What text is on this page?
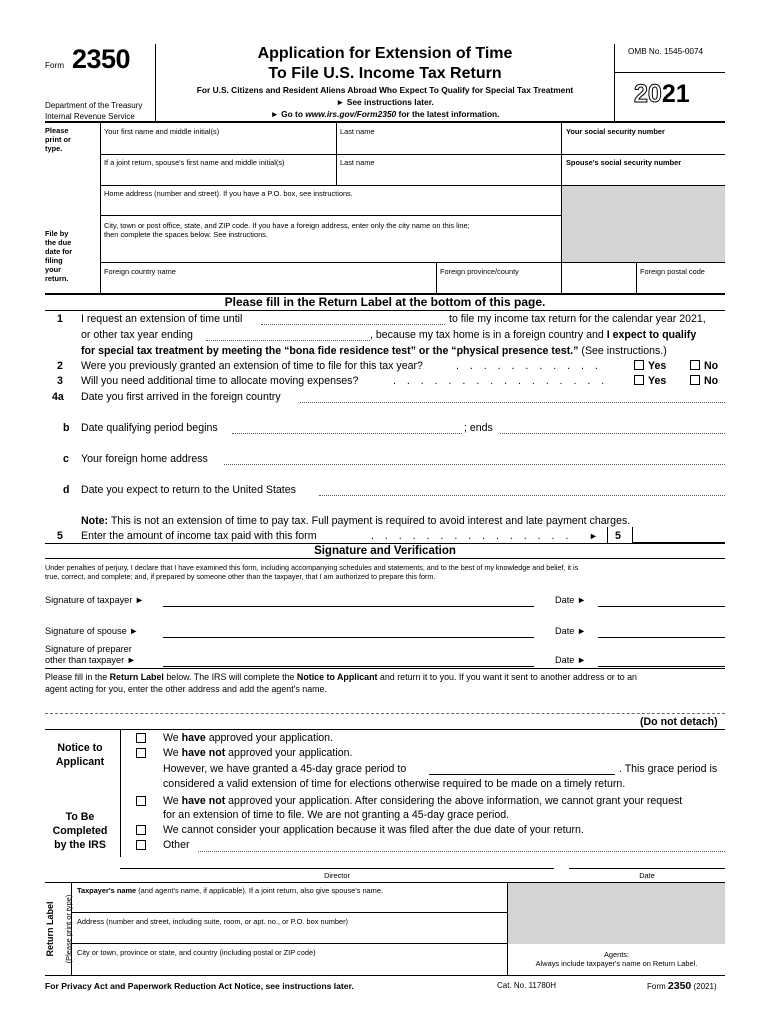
Form 2350
Department of the Treasury
Internal Revenue Service
Application for Extension of Time
To File U.S. Income Tax Return
For U.S. Citizens and Resident Aliens Abroad Who Expect To Qualify for Special Tax Treatment
► See instructions later.
► Go to www.irs.gov/Form2350 for the latest information.
OMB No. 1545-0074
2021
Please
print or
type.
File by
the due
date for
filing
your
return.
Your first name and middle initial(s)	Last name	Your social security number
If a joint return, spouse's first name and middle initial(s)	Last name	Spouse's social security number
Home address (number and street). If you have a P.O. box, see instructions.
City, town or post office, state, and ZIP code. If you have a foreign address, enter only the city name on this line;
then complete the spaces below. See instructions.
Foreign country name	Foreign province/county	Foreign postal code
Please fill in the Return Label at the bottom of this page.
1 I request an extension of time until	to file my income tax return for the calendar year 2021,
or other tax year ending	, because my tax home is in a foreign country and I expect to qualify
for special tax treatment by meeting the “bona fide residence test” or the “physical presence test.” (See instructions.)
2 Were you previously granted an extension of time to file for this tax year?	. . . . . . . . . . .	Yes	No
3 Will you need additional time to allocate moving expenses?	. . . . . . . . . . . . . . . .	Yes	No
4a Date you first arrived in the foreign country
b Date qualifying period begins	; ends
c Your foreign home address
d Date you expect to return to the United States
Note: This is not an extension of time to pay tax. Full payment is required to avoid interest and late payment charges.
5 Enter the amount of income tax paid with this form	. . . . . . . . . . . . . . . ► 5
Signature and Verification
Under penalties of perjury, I declare that I have examined this form, including accompanying schedules and statements, and to the best of my knowledge and belief, it is
true, correct, and complete; and, if prepared by someone other than the taxpayer, that I am authorized to prepare this form.
Signature of taxpayer ►	Date ►
Signature of spouse ►	Date ►
Signature of preparer
other than taxpayer ►	Date ►
Please fill in the Return Label below. The IRS will complete the Notice to Applicant and return it to you. If you want it sent to another address or to an
agent acting for you, enter the other address and add the agent's name.
(Do not detach)
Notice to
Applicant
To Be
Completed
by the IRS
We have approved your application.
We have not approved your application.
However, we have granted a 45-day grace period to	. This grace period is
considered a valid extension of time for elections otherwise required to be made on a timely return.
We have not approved your application. After considering the above information, we cannot grant your request
for an extension of time to file. We are not granting a 45-day grace period.
We cannot consider your application because it was filed after the due date of your return.
Other
Director	Date
Return Label (Please print or type)
Taxpayer's name (and agent's name, if applicable). If a joint return, also give spouse's name.
Address (number and street, including suite, room, or apt. no., or P.O. box number)
City or town, province or state, and country (including postal or ZIP code)	Agents:
Always include taxpayer's name on Return Label.
For Privacy Act and Paperwork Reduction Act Notice, see instructions later.	Cat. No. 11780H	Form 2350 (2021)
